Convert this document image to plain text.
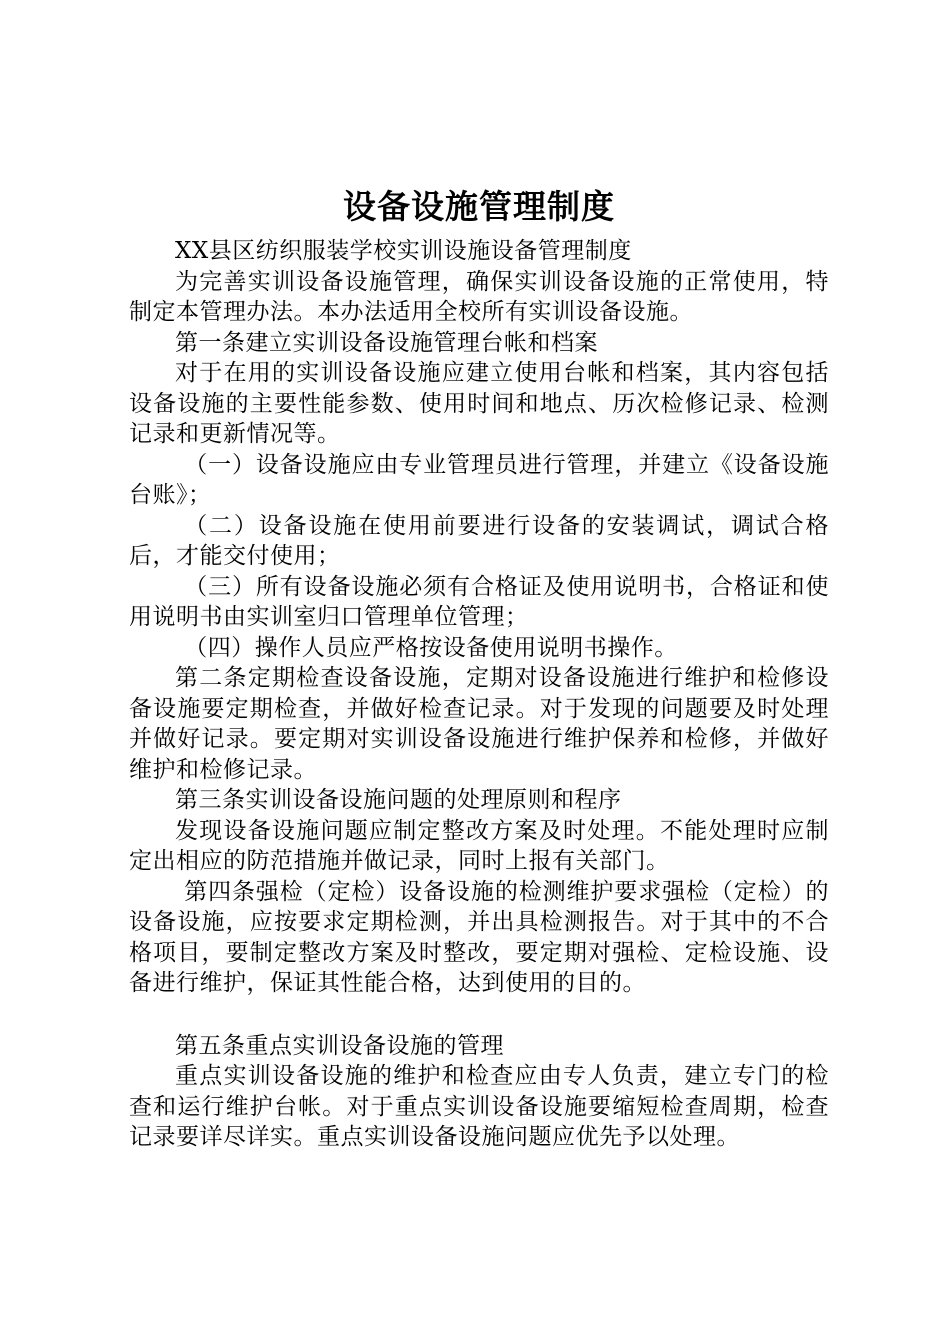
设备设施管理制度

XX县区纺织服装学校实训设施设备管理制度

为完善实训设备设施管理，确保实训设备设施的正常使用，特制定本管理办法。本办法适用全校所有实训设备设施。

第一条建立实训设备设施管理台帐和档案

对于在用的实训设备设施应建立使用台帐和档案，其内容包括设备设施的主要性能参数、使用时间和地点、历次检修记录、检测记录和更新情况等。

（一）设备设施应由专业管理员进行管理，并建立《设备设施台账》；

（二）设备设施在使用前要进行设备的安装调试，调试合格后，才能交付使用；

（三）所有设备设施必须有合格证及使用说明书，合格证和使用说明书由实训室归口管理单位管理；

（四）操作人员应严格按设备使用说明书操作。

第二条定期检查设备设施，定期对设备设施进行维护和检修设备设施要定期检查，并做好检查记录。对于发现的问题要及时处理并做好记录。要定期对实训设备设施进行维护保养和检修，并做好维护和检修记录。

第三条实训设备设施问题的处理原则和程序

发现设备设施问题应制定整改方案及时处理。不能处理时应制定出相应的防范措施并做记录，同时上报有关部门。

第四条强检（定检）设备设施的检测维护要求强检（定检）的设备设施，应按要求定期检测，并出具检测报告。对于其中的不合格项目，要制定整改方案及时整改，要定期对强检、定检设施、设备进行维护，保证其性能合格，达到使用的目的。

第五条重点实训设备设施的管理

重点实训设备设施的维护和检查应由专人负责，建立专门的检查和运行维护台帐。对于重点实训设备设施要缩短检查周期，检查记录要详尽详实。重点实训设备设施问题应优先予以处理。
